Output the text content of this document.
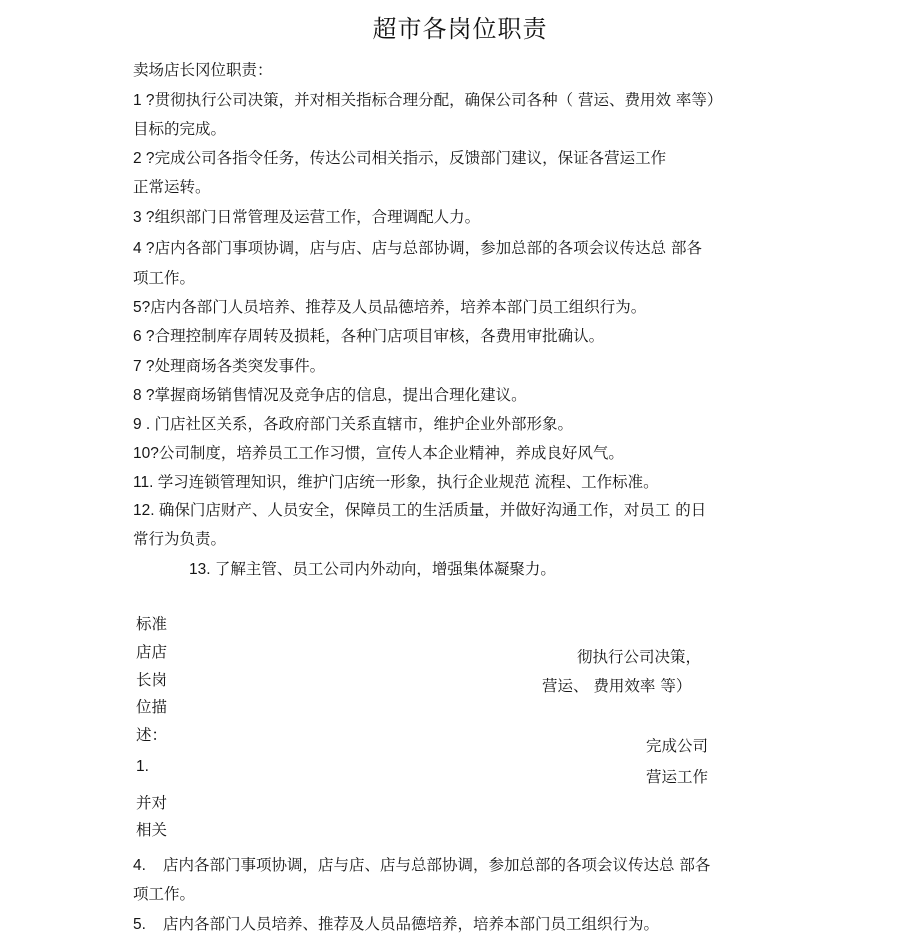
超市各岗位职责
卖场店长冈位职责：
1 ?贯彻执行公司决策，并对相关指标合理分配，确保公司各种（ 营运、费用效 率等）
目标的完成。
2 ?完成公司各指令任务，传达公司相关指示，反馈部门建议，保证各营运工作
正常运转。
3 ?组织部门日常管理及运营工作，合理调配人力。
4 ?店内各部门事项协调，店与店、店与总部协调，参加总部的各项会议传达总 部各
项工作。
5?店内各部门人员培养、推荐及人员品德培养，培养本部门员工组织行为。
6 ?合理控制库存周转及损耗，各种门店项目审核，各费用审批确认。
7 ?处理商场各类突发事件。
8 ?掌握商场销售情况及竞争店的信息，提出合理化建议。
9 . 门店社区关系，各政府部门关系直辖市，维护企业外部形象。
10?公司制度，培养员工工作习惯，宣传人本企业精神，养成良好风气。
11. 学习连锁管理知识，维护门店统一形象，执行企业规范 流程、工作标准。
12. 确保门店财产、人员安全，保障员工的生活质量，并做好沟通工作，对员工 的日
常行为负责。
13. 了解主管、员工公司内外动向，增强集体凝聚力。
标准
店店
长岗
位描
述：
1.
并对
相关
彻执行公司决策，
营运、 费用效率 等）
完成公司
营运工作
4. 店内各部门事项协调，店与店、店与总部协调，参加总部的各项会议传达总 部各
项工作。
5. 店内各部门人员培养、推荐及人员品德培养，培养本部门员工组织行为。
